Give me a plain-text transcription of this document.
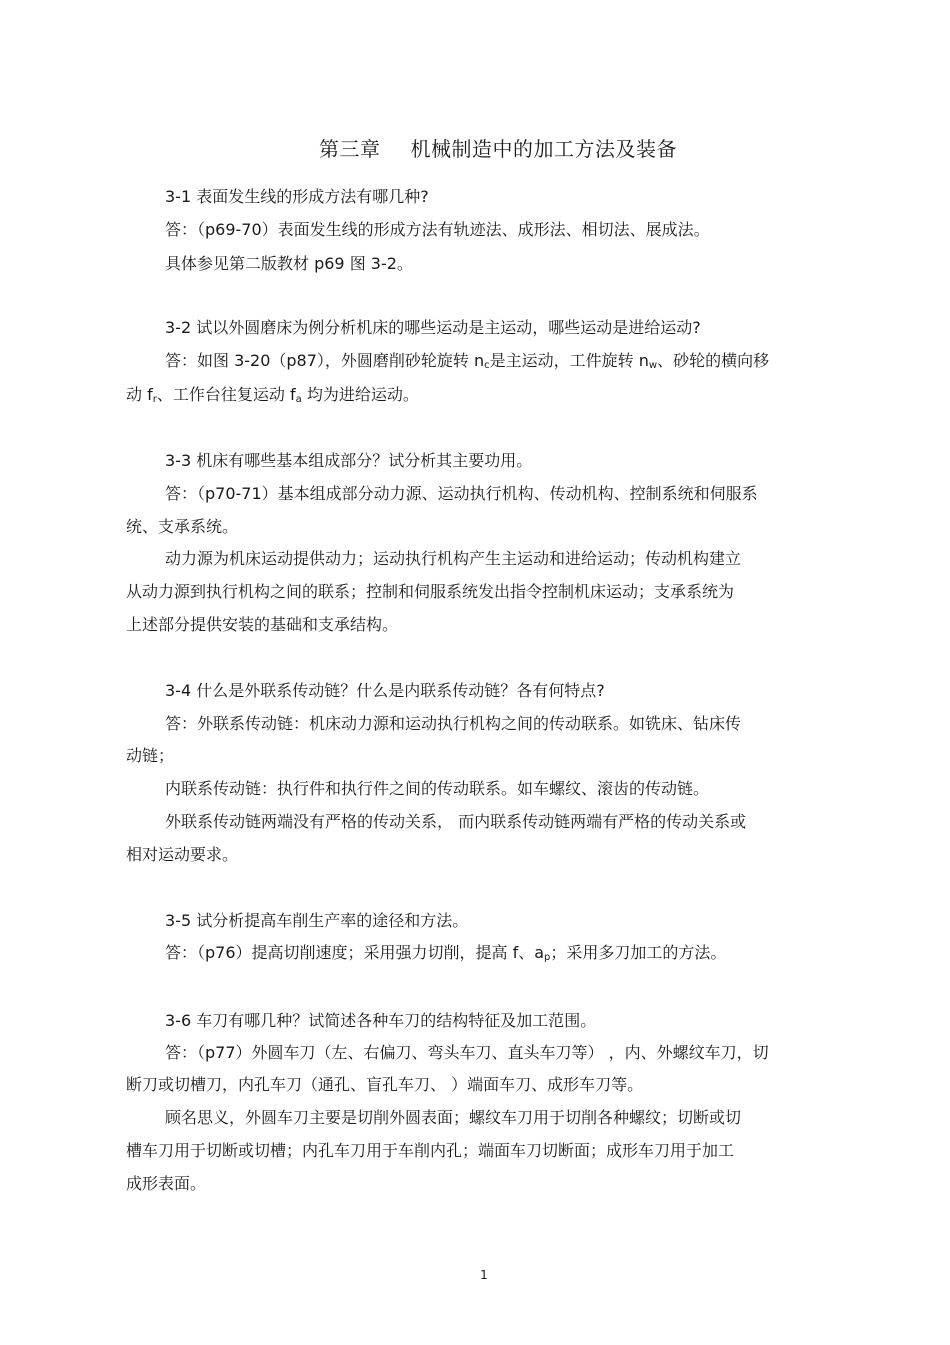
第三章 机械制造中的加工方法及装备
3-1 表面发生线的形成方法有哪几种?
答：（p69-70）表面发生线的形成方法有轨迹法、成形法、相切法、展成法。
具体参见第二版教材 p69 图 3-2。
3-2 试以外圆磨床为例分析机床的哪些运动是主运动，哪些运动是进给运动?
答：如图 3-20（p87），外圆磨削砂轮旋转 $n_c$是主运动，工件旋转 $n_w$、砂轮的横向移
动 $f_r$、工作台往复运动 $f_a$ 均为进给运动。
3-3 机床有哪些基本组成部分？试分析其主要功用。
答：（p70-71）基本组成部分动力源、运动执行机构、传动机构、控制系统和伺服系
统、支承系统。
动力源为机床运动提供动力；运动执行机构产生主运动和进给运动；传动机构建立
从动力源到执行机构之间的联系；控制和伺服系统发出指令控制机床运动；支承系统为
上述部分提供安装的基础和支承结构。
3-4 什么是外联系传动链？什么是内联系传动链？各有何特点?
答：外联系传动链：机床动力源和运动执行机构之间的传动联系。如铣床、钻床传
动链；
内联系传动链：执行件和执行件之间的传动联系。如车螺纹、滚齿的传动链。
外联系传动链两端没有严格的传动关系， 而内联系传动链两端有严格的传动关系或
相对运动要求。
3-5 试分析提高车削生产率的途径和方法。
答：（p76）提高切削速度；采用强力切削，提高 f、$a_p$；采用多刀加工的方法。
3-6 车刀有哪几种？试简述各种车刀的结构特征及加工范围。
答：（p77）外圆车刀（左、右偏刀、弯头车刀、直头车刀等） ，内、外螺纹车刀，切
断刀或切槽刀，内孔车刀（通孔、盲孔车刀、 ）端面车刀、成形车刀等。
顾名思义，外圆车刀主要是切削外圆表面；螺纹车刀用于切削各种螺纹；切断或切
槽车刀用于切断或切槽；内孔车刀用于车削内孔；端面车刀切断面；成形车刀用于加工
成形表面。
1
